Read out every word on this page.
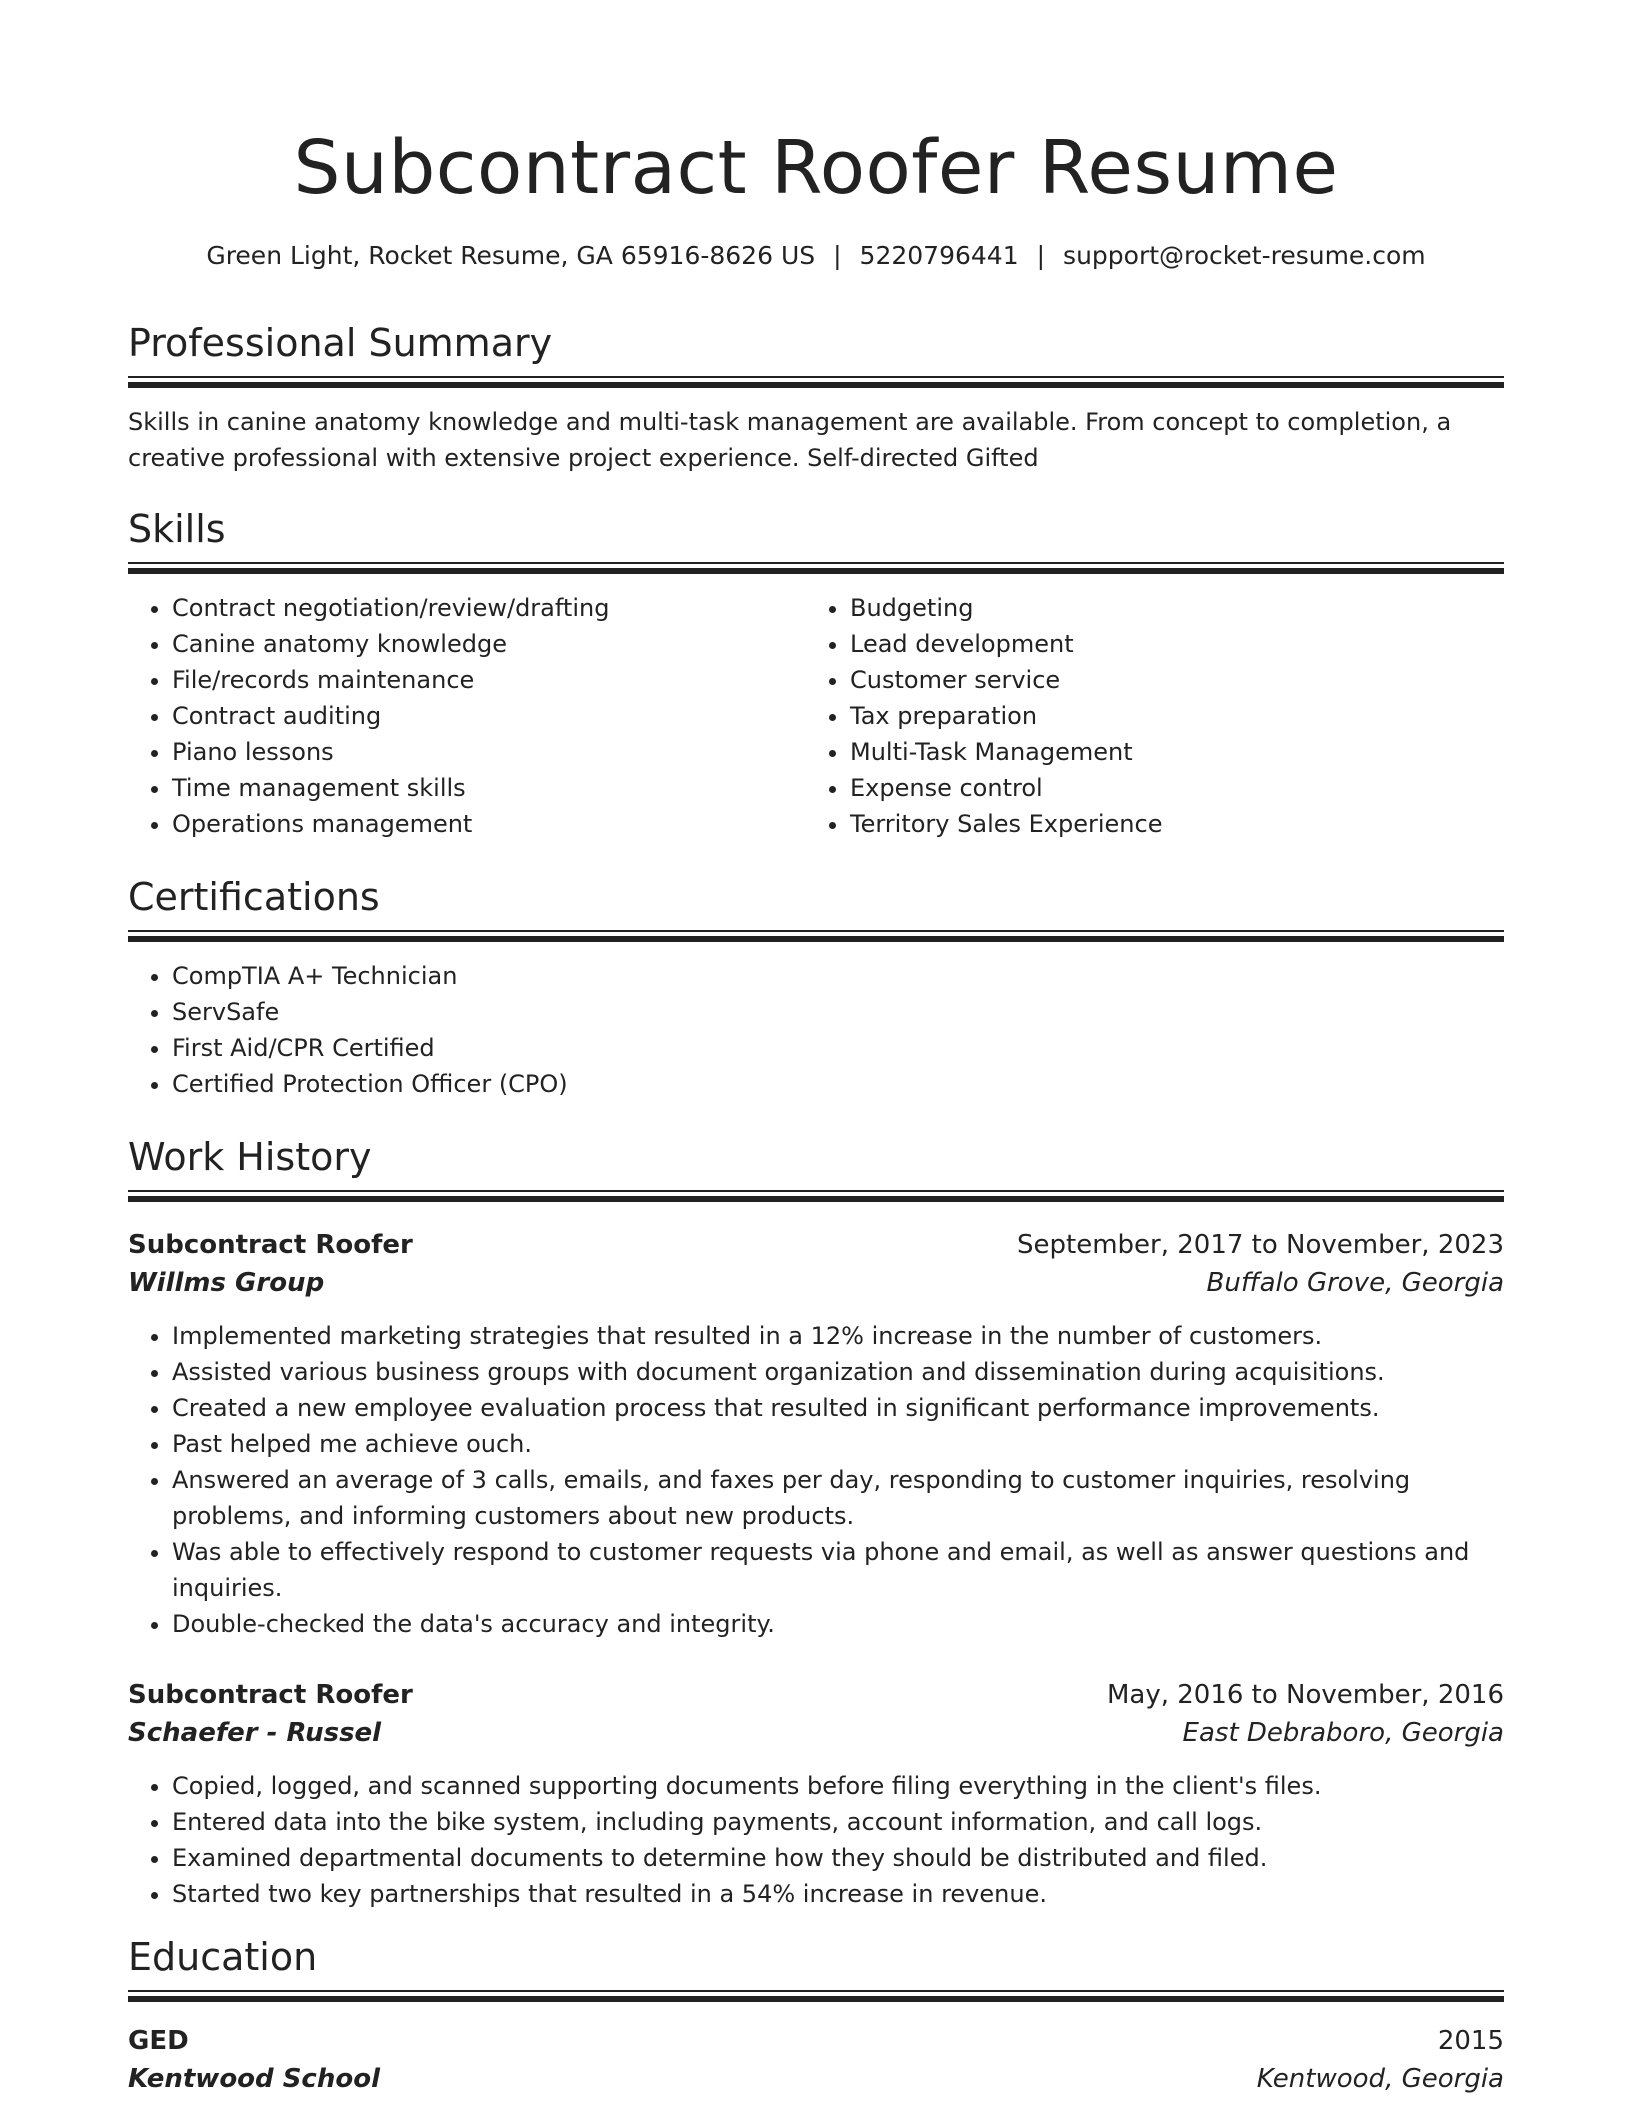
Subcontract Roofer Resume
Green Light, Rocket Resume, GA 65916-8626 US | 5220796441 | support@rocket-resume.com
Professional Summary
Skills in canine anatomy knowledge and multi-task management are available. From concept to completion, a creative professional with extensive project experience. Self-directed Gifted
Skills
• Contract negotiation/review/drafting
• Canine anatomy knowledge
• File/records maintenance
• Contract auditing
• Piano lessons
• Time management skills
• Operations management
• Budgeting
• Lead development
• Customer service
• Tax preparation
• Multi-Task Management
• Expense control
• Territory Sales Experience
Certifications
• CompTIA A+ Technician
• ServSafe
• First Aid/CPR Certified
• Certified Protection Officer (CPO)
Work History
Subcontract Roofer	September, 2017 to November, 2023
Willms Group	Buffalo Grove, Georgia
• Implemented marketing strategies that resulted in a 12% increase in the number of customers.
• Assisted various business groups with document organization and dissemination during acquisitions.
• Created a new employee evaluation process that resulted in significant performance improvements.
• Past helped me achieve ouch.
• Answered an average of 3 calls, emails, and faxes per day, responding to customer inquiries, resolving problems, and informing customers about new products.
• Was able to effectively respond to customer requests via phone and email, as well as answer questions and inquiries.
• Double-checked the data's accuracy and integrity.
Subcontract Roofer	May, 2016 to November, 2016
Schaefer - Russel	East Debraboro, Georgia
• Copied, logged, and scanned supporting documents before filing everything in the client's files.
• Entered data into the bike system, including payments, account information, and call logs.
• Examined departmental documents to determine how they should be distributed and filed.
• Started two key partnerships that resulted in a 54% increase in revenue.
Education
GED	2015
Kentwood School	Kentwood, Georgia
